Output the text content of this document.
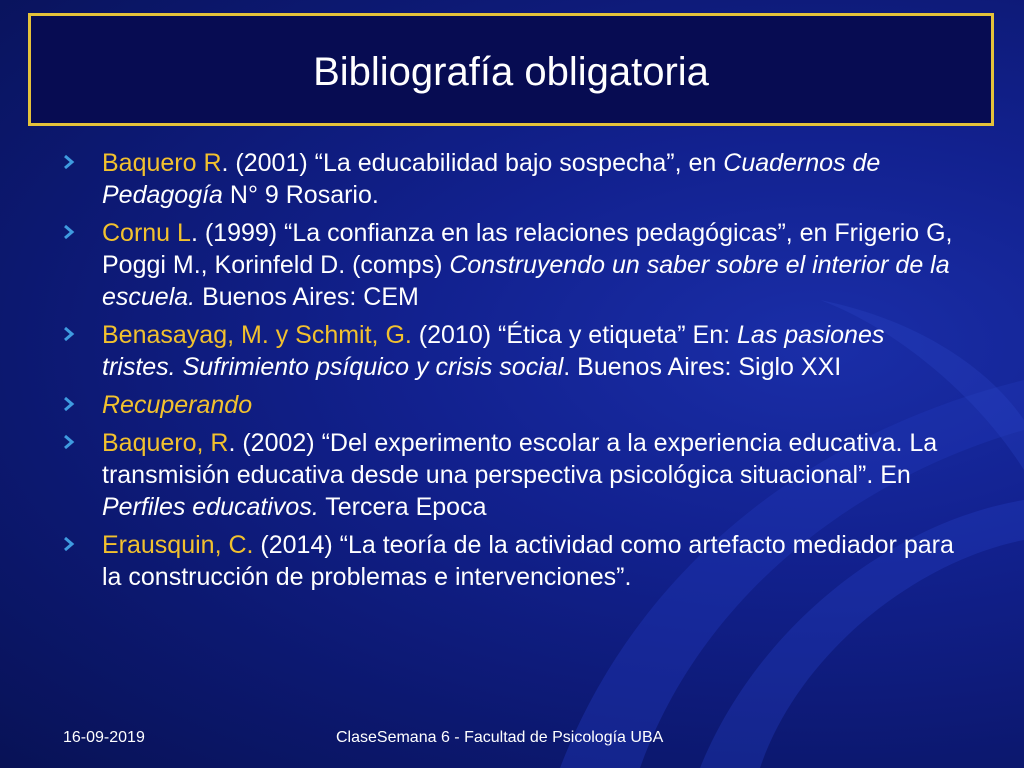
Bibliografía obligatoria
Baquero R. (2001) “La educabilidad bajo sospecha”, en Cuadernos de Pedagogía N° 9 Rosario.
Cornu L. (1999) “La confianza en las relaciones pedagógicas”, en Frigerio G, Poggi M., Korinfeld D. (comps) Construyendo un saber sobre el interior de la escuela. Buenos Aires: CEM
Benasayag, M. y Schmit, G. (2010) “Ética y etiqueta” En: Las pasiones tristes. Sufrimiento psíquico y crisis social. Buenos Aires: Siglo XXI
Recuperando
Baquero, R. (2002) “Del experimento escolar a la experiencia educativa. La transmisión educativa desde una perspectiva psicológica situacional”. En Perfiles educativos. Tercera Epoca
Erausquin, C. (2014) “La teoría de la actividad como artefacto mediador para la construcción de problemas e intervenciones”.
16-09-2019	ClaseSemana 6 - Facultad de Psicología UBA
